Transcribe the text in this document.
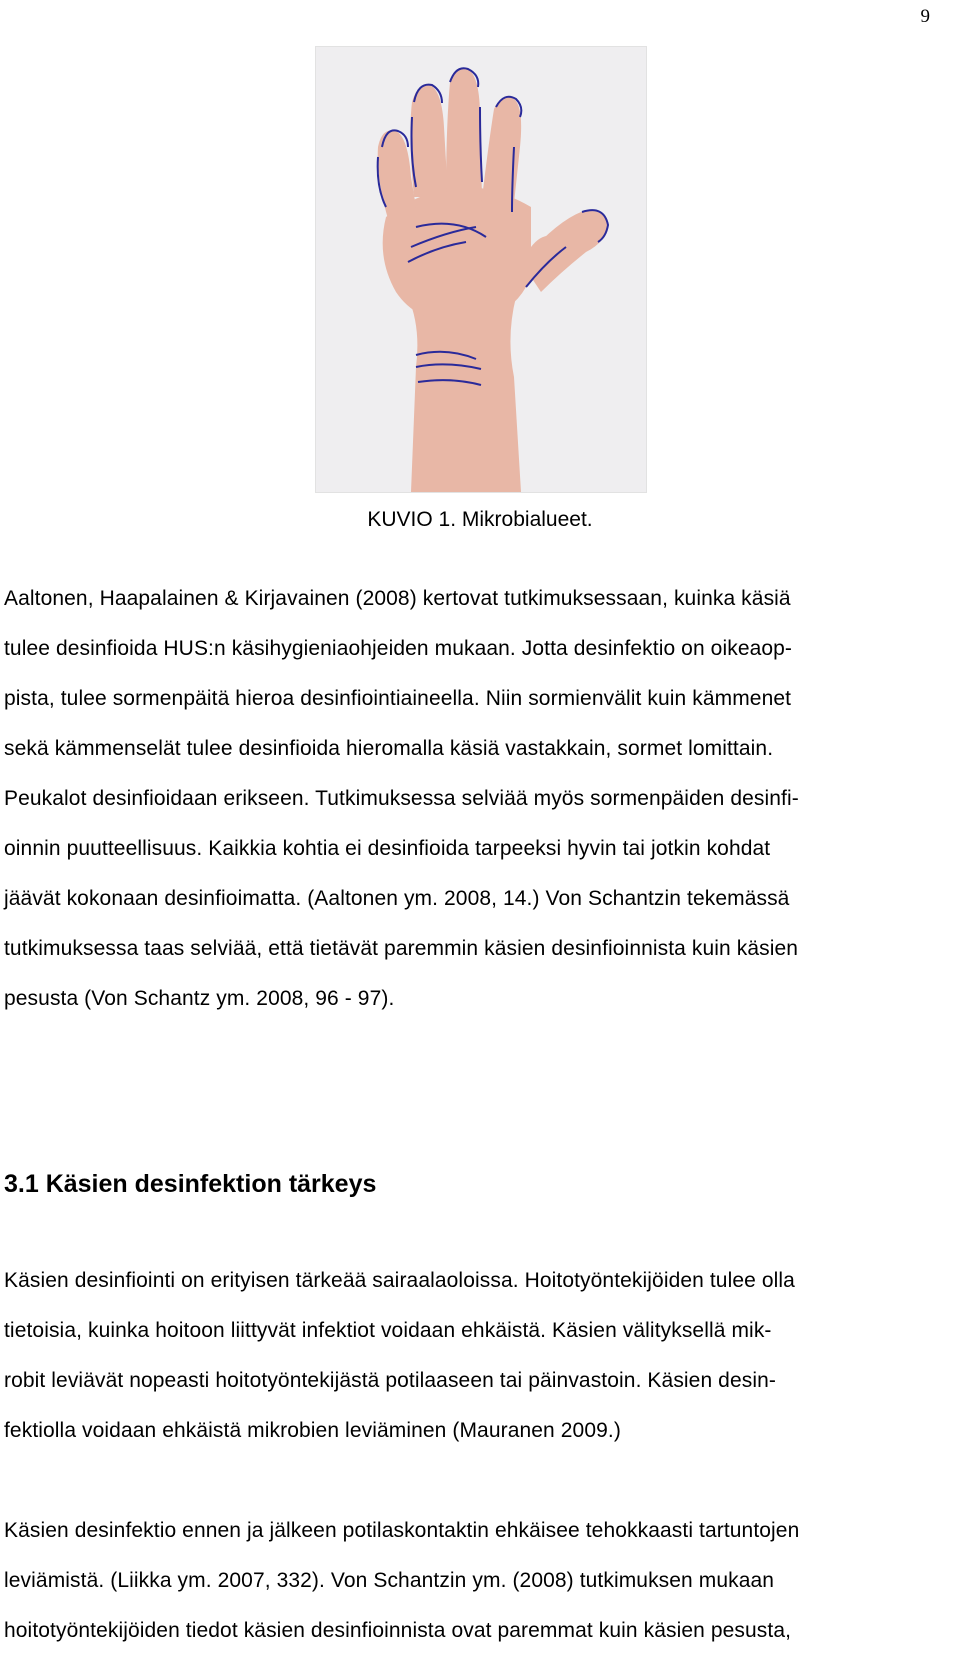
9
KUVIO 1. Mikrobialueet.
Aaltonen, Haapalainen & Kirjavainen (2008) kertovat tutkimuksessaan, kuinka käsiä
tulee desinfioida HUS:n käsihygieniaohjeiden mukaan. Jotta desinfektio on oikeaop-
pista, tulee sormenpäitä hieroa desinfiointiaineella. Niin sormienvälit kuin kämmenet
sekä kämmenselät tulee desinfioida hieromalla käsiä vastakkain, sormet lomittain.
Peukalot desinfioidaan erikseen. Tutkimuksessa selviää myös sormenpäiden desinfi-
oinnin puutteellisuus. Kaikkia kohtia ei desinfioida tarpeeksi hyvin tai jotkin kohdat
jäävät kokonaan desinfioimatta. (Aaltonen ym. 2008, 14.) Von Schantzin tekemässä
tutkimuksessa taas selviää, että tietävät paremmin käsien desinfioinnista kuin käsien
pesusta (Von Schantz ym. 2008, 96 - 97).
3.1 Käsien desinfektion tärkeys
Käsien desinfiointi on erityisen tärkeää sairaalaoloissa. Hoitotyöntekijöiden tulee olla
tietoisia, kuinka hoitoon liittyvät infektiot voidaan ehkäistä. Käsien välityksellä mik-
robit leviävät nopeasti hoitotyöntekijästä potilaaseen tai päinvastoin. Käsien desin-
fektiolla voidaan ehkäistä mikrobien leviäminen (Mauranen 2009.)
Käsien desinfektio ennen ja jälkeen potilaskontaktin ehkäisee tehokkaasti tartuntojen
leviämistä. (Liikka ym. 2007, 332). Von Schantzin ym. (2008) tutkimuksen mukaan
hoitotyöntekijöiden tiedot käsien desinfioinnista ovat paremmat kuin käsien pesusta,
